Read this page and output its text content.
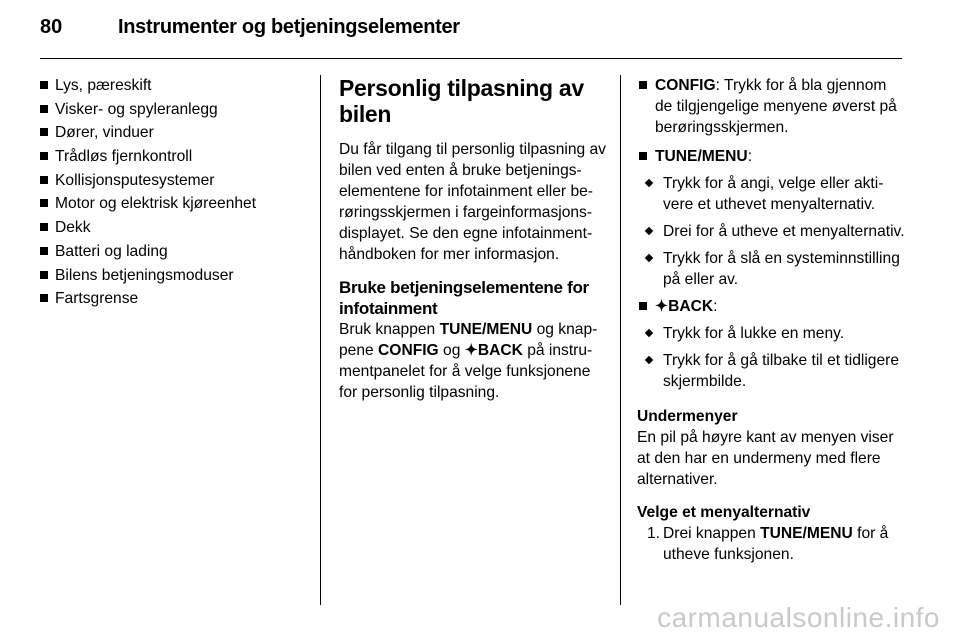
80	Instrumenter og betjeningselementer
Lys, pæreskift
Visker- og spyleranlegg
Dører, vinduer
Trådløs fjernkontroll
Kollisjonsputesystemer
Motor og elektrisk kjøreenhet
Dekk
Batteri og lading
Bilens betjeningsmoduser
Fartsgrense
Personlig tilpasning av bilen

Du får tilgang til personlig tilpasning av bilen ved enten å bruke betjeningselementene for infotainment eller berøringsskjermen i fargeinformasjonsdisplayet. Se den egne infotainmenthåndboken for mer informasjon.

Bruke betjeningselementene for infotainment

Bruk knappen TUNE/MENU og knappene CONFIG og ✦BACK på instrumentpanelet for å velge funksjonene for personlig tilpasning.

CONFIG: Trykk for å bla gjennom de tilgjengelige menyene øverst på berøringsskjermen.
TUNE/MENU:
Trykk for å angi, velge eller aktivere et uthevet menyalternativ.
Drei for å utheve et menyalternativ.
Trykk for å slå en systeminnstilling på eller av.
✦BACK:
Trykk for å lukke en meny.
Trykk for å gå tilbake til et tidligere skjermbilde.

Undermenyer

En pil på høyre kant av menyen viser at den har en undermeny med flere alternativer.

Velge et menyalternativ

1. Drei knappen TUNE/MENU for å utheve funksjonen.
carmanualsonline.info
